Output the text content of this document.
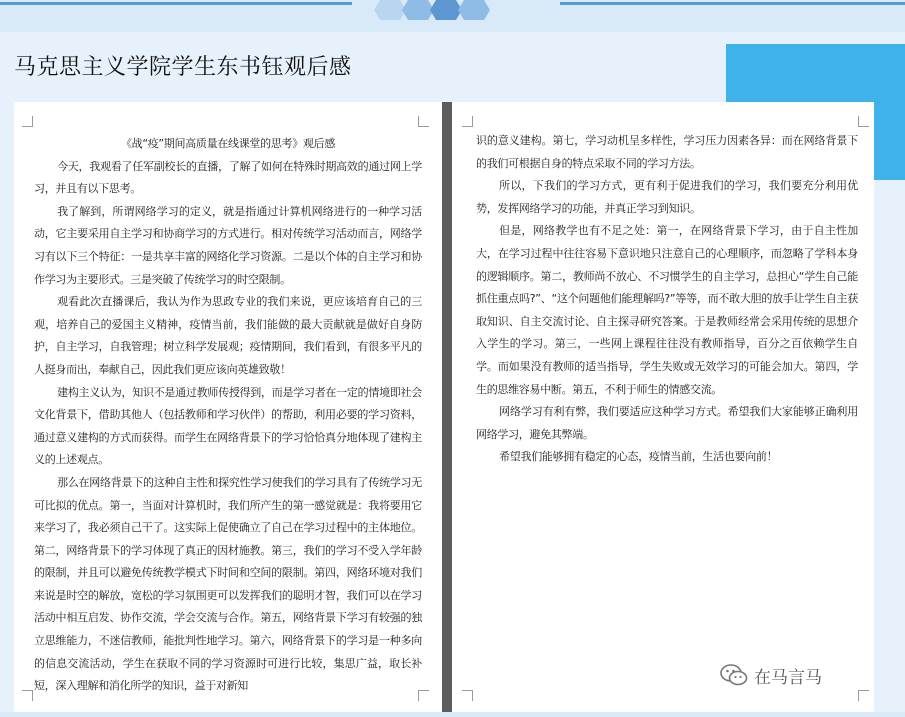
马克思主义学院学生东书钰观后感

《战“疫”期间高质量在线课堂的思考》观后感

今天，我观看了任军副校长的直播，了解了如何在特殊时期高效的通过网上学习，并且有以下思考。

我了解到，所谓网络学习的定义，就是指通过计算机网络进行的一种学习活动，它主要采用自主学习和协商学习的方式进行。相对传统学习活动而言，网络学习有以下三个特征：一是共享丰富的网络化学习资源。二是以个体的自主学习和协作学习为主要形式。三是突破了传统学习的时空限制。

观看此次直播课后，我认为作为思政专业的我们来说，更应该培育自己的三观，培养自己的爱国主义精神，疫情当前，我们能做的最大贡献就是做好自身防护，自主学习，自我管理；树立科学发展观；疫情期间，我们看到，有很多平凡的人挺身而出，奉献自己，因此我们更应该向英雄致敬！

建构主义认为，知识不是通过教师传授得到，而是学习者在一定的情境即社会文化背景下，借助其他人（包括教师和学习伙伴）的帮助，利用必要的学习资料，通过意义建构的方式而获得。而学生在网络背景下的学习恰恰真分地体现了建构主义的上述观点。

那么在网络背景下的这种自主性和探究性学习使我们的学习具有了传统学习无可比拟的优点。第一，当面对计算机时，我们所产生的第一感觉就是：我将要用它来学习了，我必须自己干了。这实际上促使确立了自己在学习过程中的主体地位。第二，网络背景下的学习体现了真正的因材施教。第三，我们的学习不受入学年龄的限制，并且可以避免传统教学模式下时间和空间的限制。第四，网络环境对我们来说是时空的解放，宽松的学习氛围更可以发挥我们的聪明才智，我们可以在学习活动中相互启发、协作交流，学会交流与合作。第五，网络背景下学习有较强的独立思维能力，不迷信教师，能批判性地学习。第六，网络背景下的学习是一种多向的信息交流活动，学生在获取不同的学习资源时可进行比较，集思广益，取长补短，深入理解和消化所学的知识，益于对新知

识的意义建构。第七，学习动机呈多样性，学习压力因素各异：而在网络背景下的我们可根据自身的特点采取不同的学习方法。

所以，下我们的学习方式，更有利于促进我们的学习，我们要充分利用优势，发挥网络学习的功能，并真正学习到知识。

但是，网络教学也有不足之处：第一，在网络背景下学习，由于自主性加大，在学习过程中往往容易下意识地只注意自己的心理顺序，而忽略了学科本身的逻辑顺序。第二，教师尚不放心、不习惯学生的自主学习，总担心“学生自己能抓住重点吗?”、“这个问题他们能理解吗?”等等，而不敢大胆的放手让学生自主获取知识、自主交流讨论、自主探寻研究答案。于是教师经常会采用传统的思想介入学生的学习。第三，一些网上课程往往没有教师指导，百分之百依赖学生自学。而如果没有教师的适当指导，学生失败或无效学习的可能会加大。第四，学生的思维容易中断。第五，不利于师生的情感交流。

网络学习有利有弊，我们要适应这种学习方式。希望我们大家能够正确利用网络学习，避免其弊端。

希望我们能够拥有稳定的心态，疫情当前，生活也要向前！

在马言马
